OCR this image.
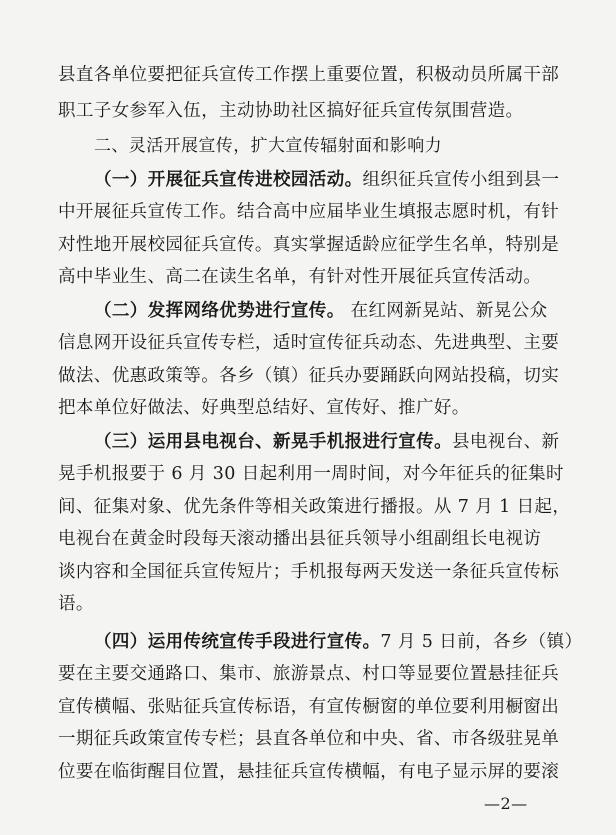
县直各单位要把征兵宣传工作摆上重要位置，积极动员所属干部

职工子女参军入伍，主动协助社区搞好征兵宣传氛围营造。

二、灵活开展宣传，扩大宣传辐射面和影响力

（一）开展征兵宣传进校园活动。组织征兵宣传小组到县一

中开展征兵宣传工作。结合高中应届毕业生填报志愿时机，有针

对性地开展校园征兵宣传。真实掌握适龄应征学生名单，特别是

高中毕业生、高二在读生名单，有针对性开展征兵宣传活动。

（二）发挥网络优势进行宣传。 在红网新晃站、新晃公众

信息网开设征兵宣传专栏，适时宣传征兵动态、先进典型、主要

做法、优惠政策等。各乡（镇）征兵办要踊跃向网站投稿，切实

把本单位好做法、好典型总结好、宣传好、推广好。

（三）运用县电视台、新晃手机报进行宣传。县电视台、新

晃手机报要于 6 月 30 日起利用一周时间，对今年征兵的征集时

间、征集对象、优先条件等相关政策进行播报。从 7 月 1 日起，

电视台在黄金时段每天滚动播出县征兵领导小组副组长电视访

谈内容和全国征兵宣传短片；手机报每两天发送一条征兵宣传标

语。

（四）运用传统宣传手段进行宣传。7 月 5 日前，各乡（镇）

要在主要交通路口、集市、旅游景点、村口等显要位置悬挂征兵

宣传横幅、张贴征兵宣传标语，有宣传橱窗的单位要利用橱窗出

一期征兵政策宣传专栏；县直各单位和中央、省、市各级驻晃单

位要在临街醒目位置，悬挂征兵宣传横幅，有电子显示屏的要滚

—2—
